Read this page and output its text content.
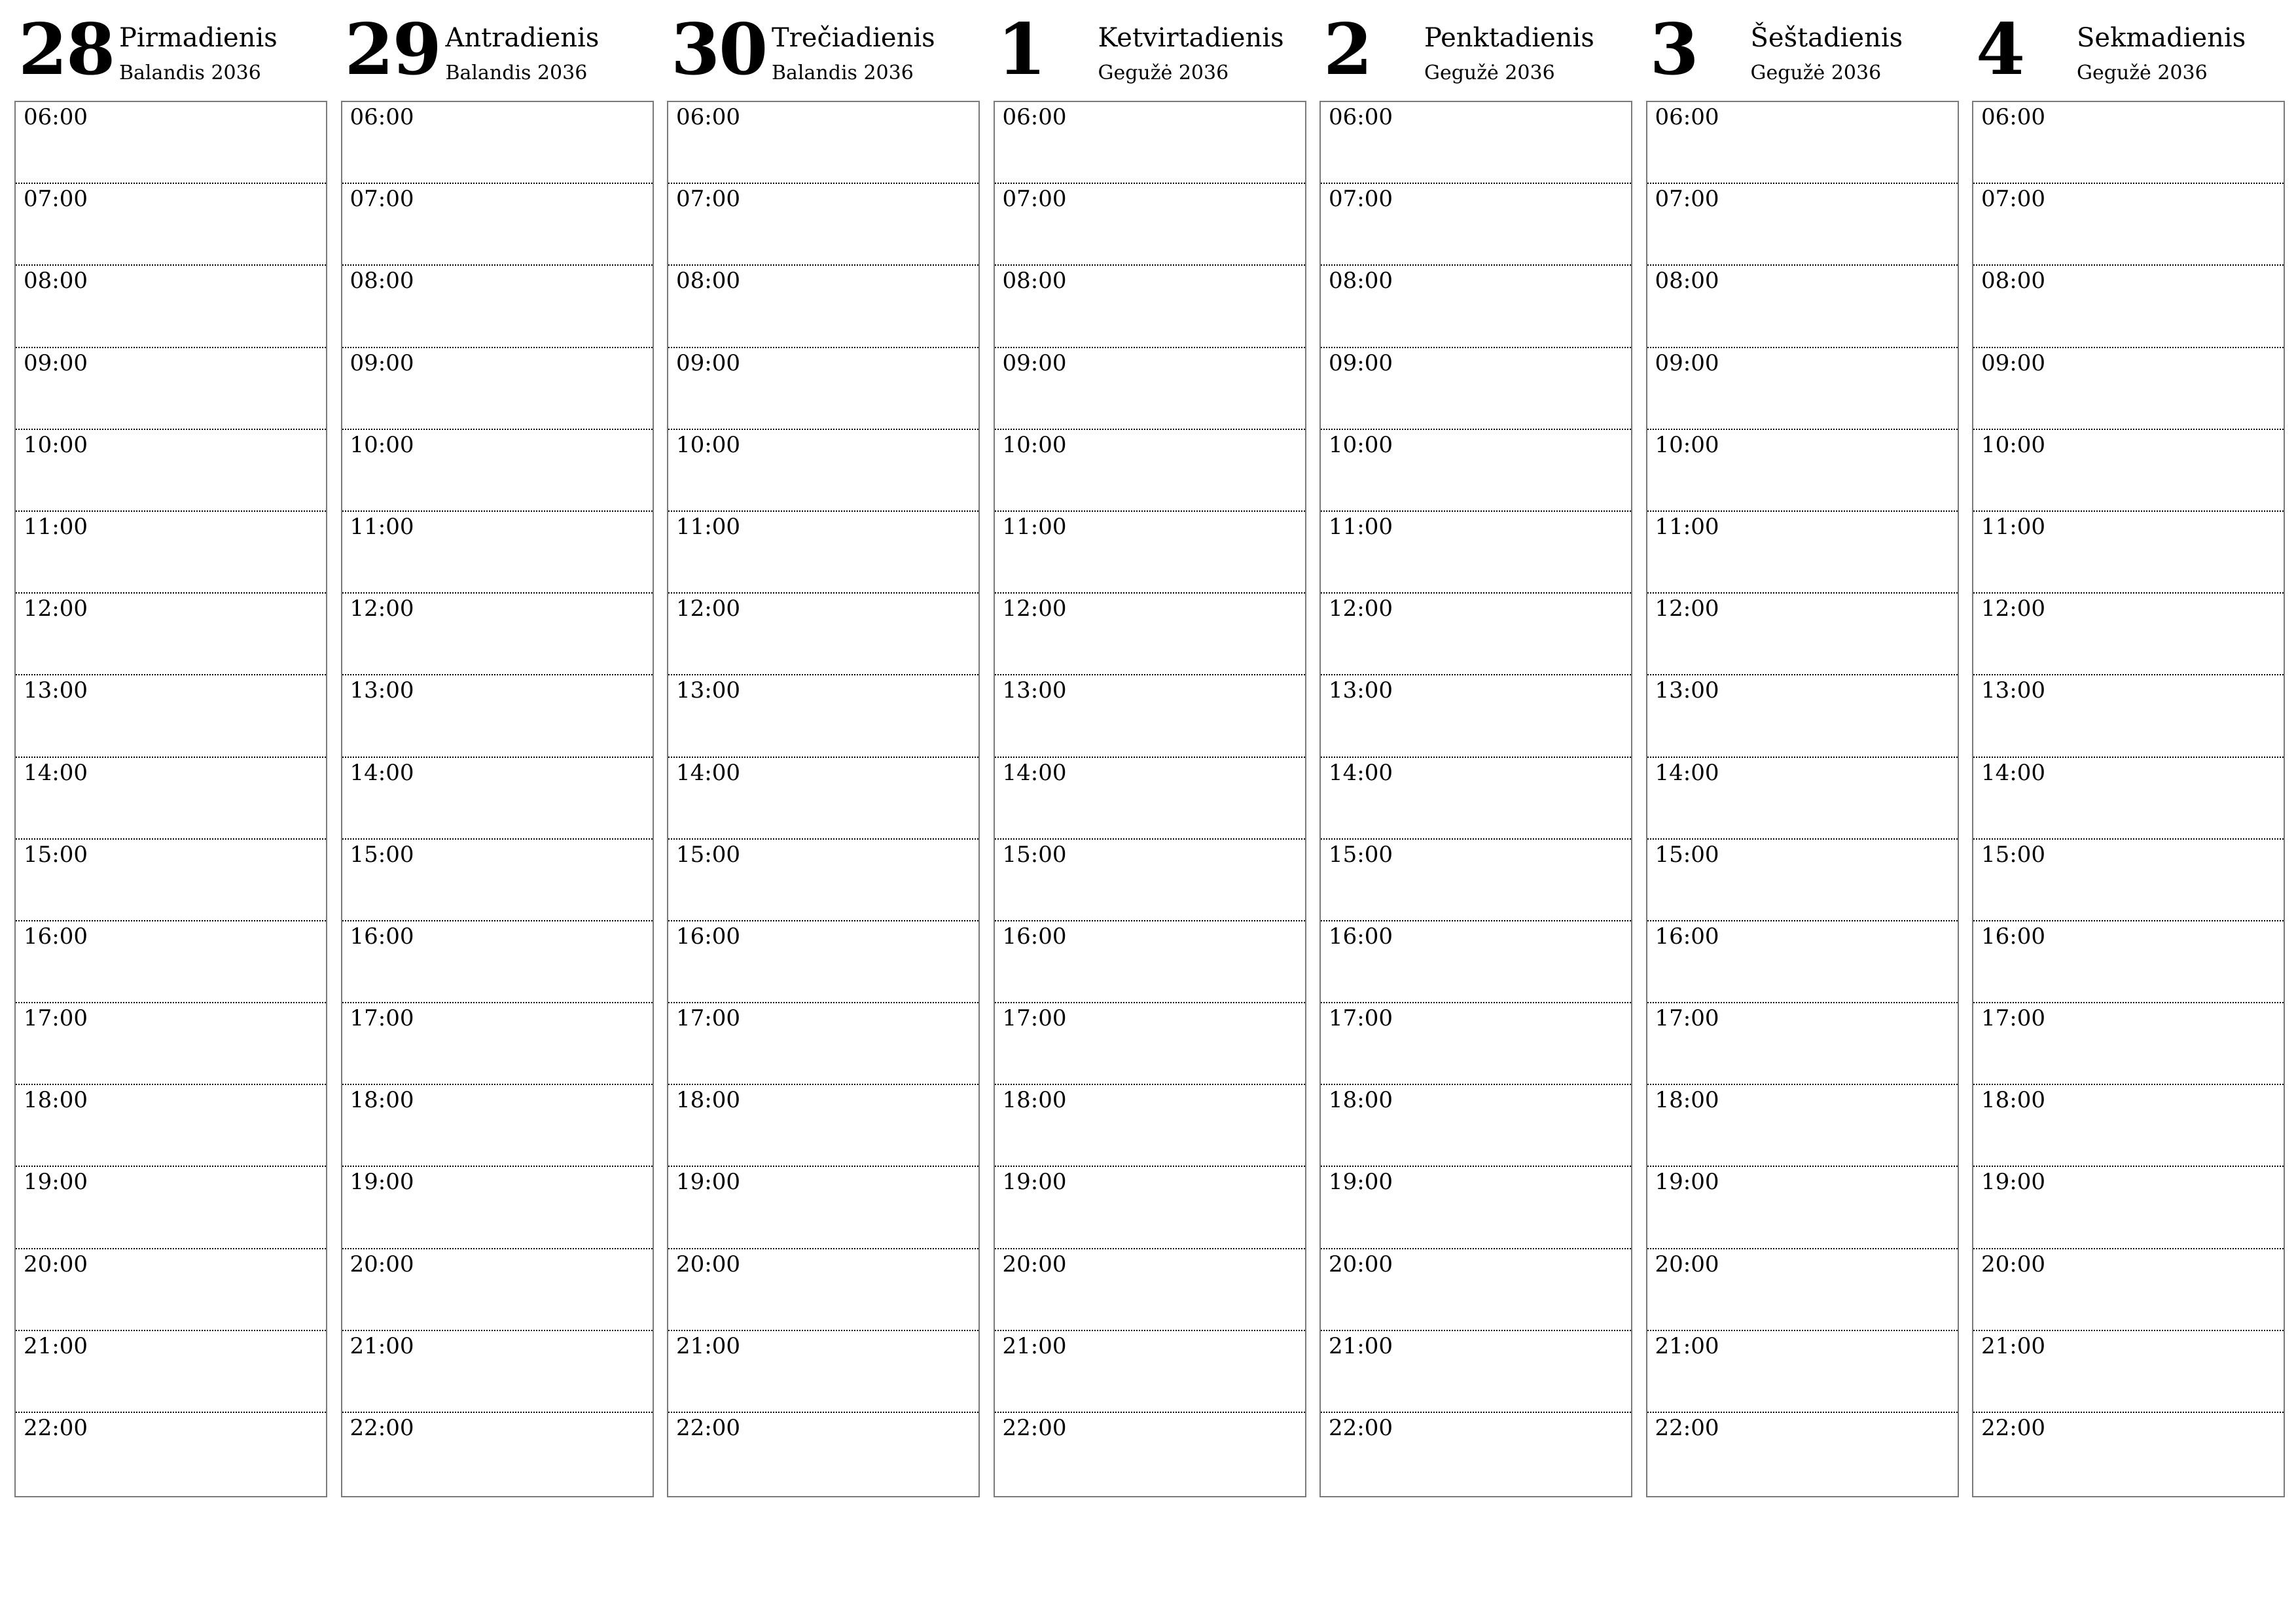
28 Pirmadienis
Balandis 2036
06:00
07:00
08:00
09:00
10:00
11:00
12:00
13:00
14:00
15:00
16:00
17:00
18:00
19:00
20:00
21:00
22:00
29 Antradienis
Balandis 2036
06:00
07:00
08:00
09:00
10:00
11:00
12:00
13:00
14:00
15:00
16:00
17:00
18:00
19:00
20:00
21:00
22:00
30 Trečiadienis
Balandis 2036
06:00
07:00
08:00
09:00
10:00
11:00
12:00
13:00
14:00
15:00
16:00
17:00
18:00
19:00
20:00
21:00
22:00
1 Ketvirtadienis
Gegužė 2036
06:00
07:00
08:00
09:00
10:00
11:00
12:00
13:00
14:00
15:00
16:00
17:00
18:00
19:00
20:00
21:00
22:00
2 Penktadienis
Gegužė 2036
06:00
07:00
08:00
09:00
10:00
11:00
12:00
13:00
14:00
15:00
16:00
17:00
18:00
19:00
20:00
21:00
22:00
3 Šeštadienis
Gegužė 2036
06:00
07:00
08:00
09:00
10:00
11:00
12:00
13:00
14:00
15:00
16:00
17:00
18:00
19:00
20:00
21:00
22:00
4 Sekmadienis
Gegužė 2036
06:00
07:00
08:00
09:00
10:00
11:00
12:00
13:00
14:00
15:00
16:00
17:00
18:00
19:00
20:00
21:00
22:00
